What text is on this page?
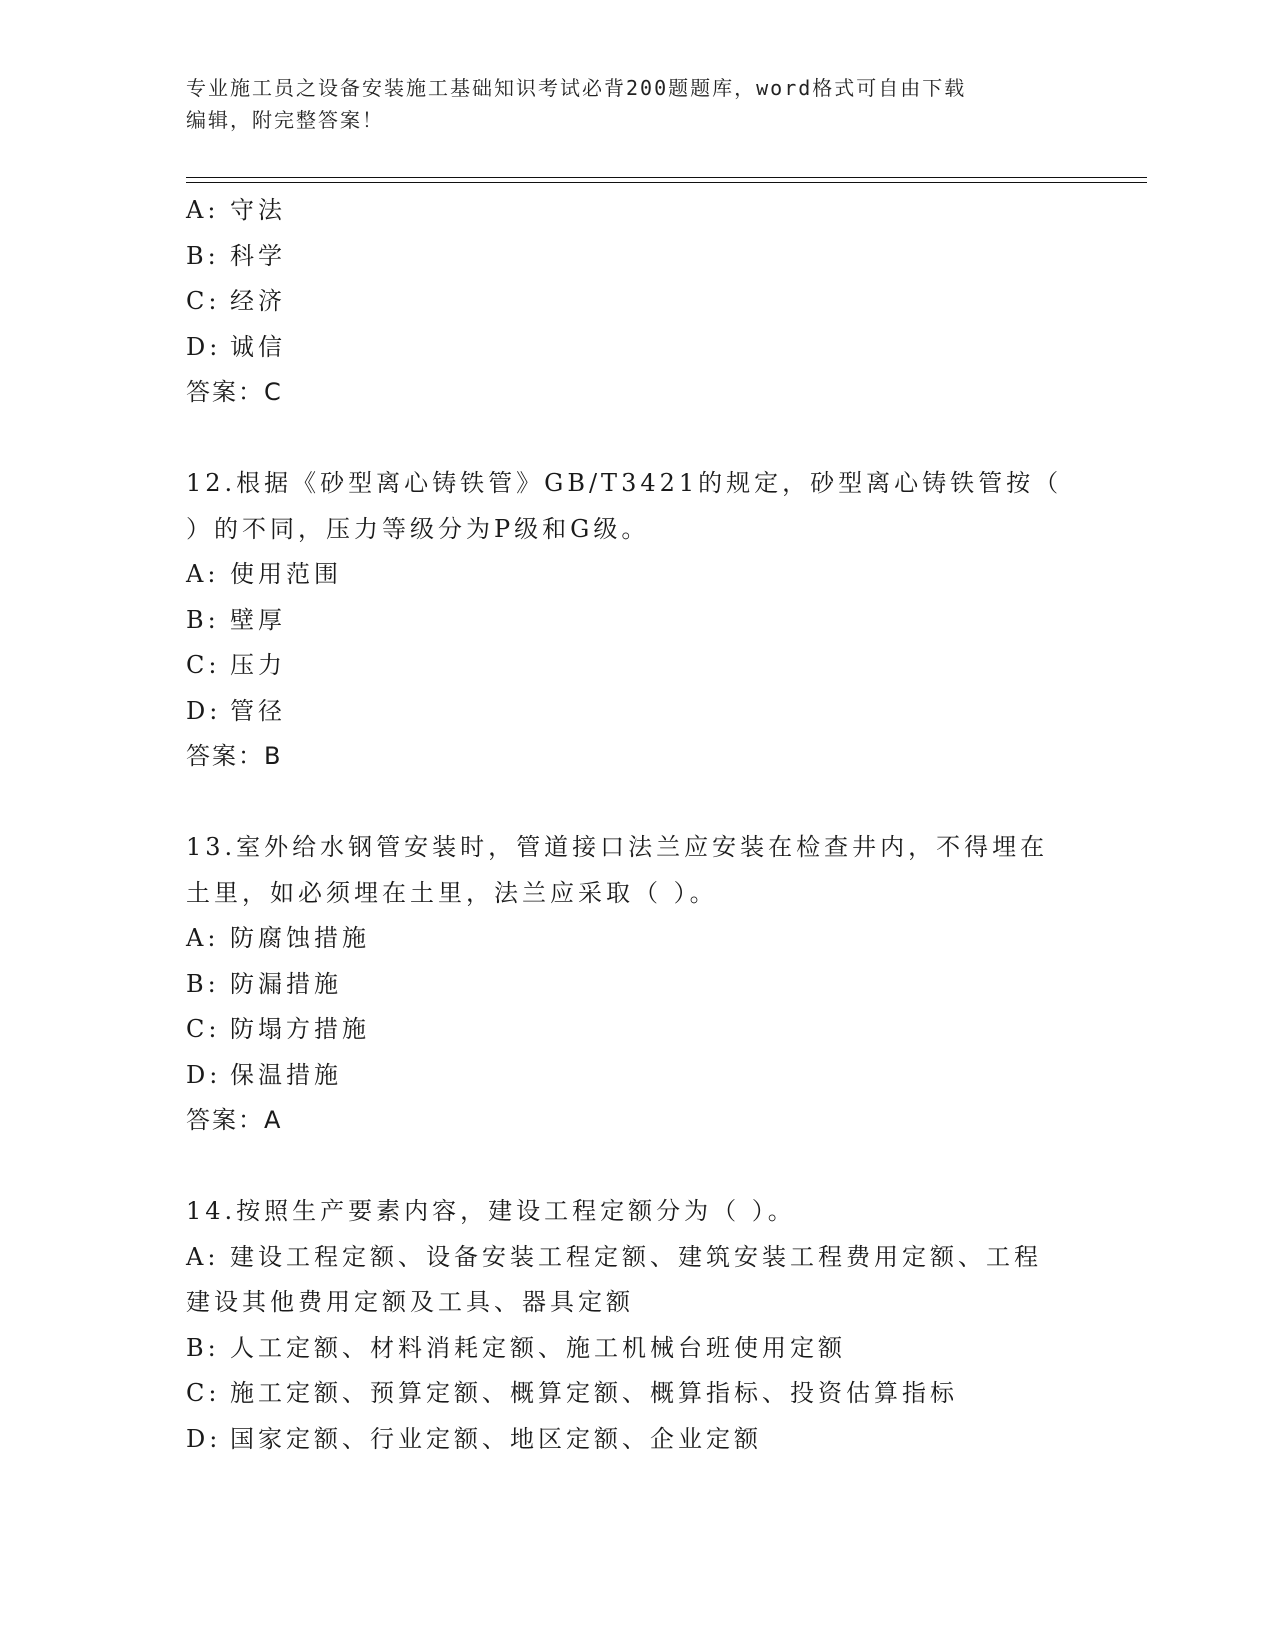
专业施工员之设备安装施工基础知识考试必背200题题库，word格式可自由下载
编辑，附完整答案！
A: 守法
B: 科学
C: 经济
D: 诚信
答案：C
12.根据《砂型离心铸铁管》GB/T3421的规定，砂型离心铸铁管按（
）的不同，压力等级分为P级和G级。
A: 使用范围
B: 壁厚
C: 压力
D: 管径
答案：B
13.室外给水钢管安装时，管道接口法兰应安装在检查井内，不得埋在
土里，如必须埋在土里，法兰应采取（ ）。
A: 防腐蚀措施
B: 防漏措施
C: 防塌方措施
D: 保温措施
答案：A
14.按照生产要素内容，建设工程定额分为（ ）。
A: 建设工程定额、设备安装工程定额、建筑安装工程费用定额、工程
建设其他费用定额及工具、器具定额
B: 人工定额、材料消耗定额、施工机械台班使用定额
C: 施工定额、预算定额、概算定额、概算指标、投资估算指标
D: 国家定额、行业定额、地区定额、企业定额
